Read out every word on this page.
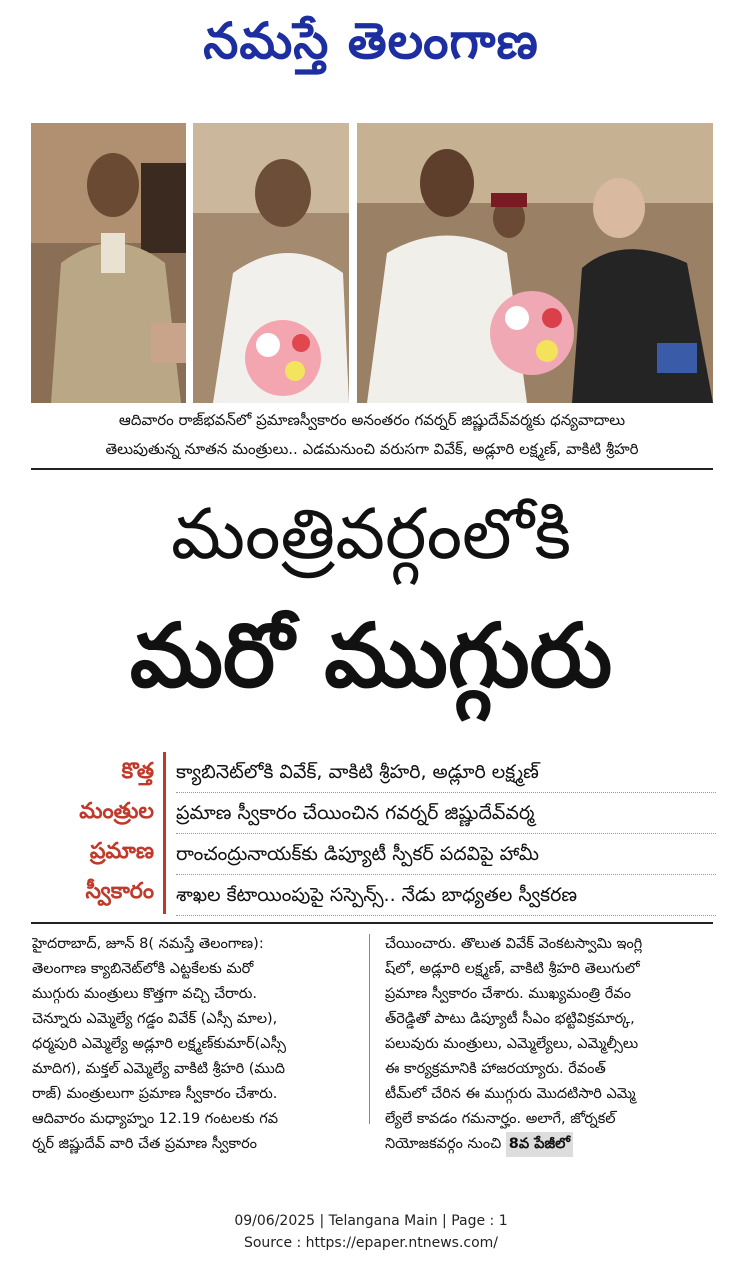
నమస్తే తెలంగాణ
ఆదివారం రాజ్‌భవన్‌లో ప్రమాణస్వీకారం అనంతరం గవర్నర్ జిష్ణుదేవ్‌వర్మకు ధన్యవాదాలు
తెలుపుతున్న నూతన మంత్రులు.. ఎడమనుంచి వరుసగా వివేక్, అడ్లూరి లక్ష్మణ్, వాకిటి శ్రీహరి
మంత్రివర్గంలోకి
మరో ముగ్గురు
కొత్త
మంత్రుల
ప్రమాణ
స్వీకారం
క్యాబినెట్‌లోకి వివేక్, వాకిటి శ్రీహరి, అడ్లూరి లక్ష్మణ్
ప్రమాణ స్వీకారం చేయించిన గవర్నర్ జిష్ణుదేవ్‌వర్మ
రాంచంద్రునాయక్‌కు డిప్యూటీ స్పీకర్ పదవిపై హామీ
శాఖల కేటాయింపుపై సస్పెన్స్.. నేడు బాధ్యతల స్వీకరణ
హైదరాబాద్, జూన్ 8( నమస్తే తెలంగాణ):
తెలంగాణ క్యాబినెట్‌లోకి ఎట్టకేలకు మరో
ముగ్గురు మంత్రులు కొత్తగా వచ్చి చేరారు.
చెన్నూరు ఎమ్మెల్యే గడ్డం వివేక్ (ఎస్సీ మాల),
ధర్మపురి ఎమ్మెల్యే అడ్లూరి లక్ష్మణ్‌కుమార్(ఎస్సీ
మాదిగ), మక్తల్ ఎమ్మెల్యే వాకిటి శ్రీహరి (ముది
రాజ్) మంత్రులుగా ప్రమాణ స్వీకారం చేశారు.
ఆదివారం మధ్యాహ్నం 12.19 గంటలకు గవ
ర్నర్ జిష్ణుదేవ్ వారి చేత ప్రమాణ స్వీకారం
చేయించారు. తొలుత వివేక్ వెంకటస్వామి ఇంగ్లి
ష్‌లో, అడ్లూరి లక్ష్మణ్, వాకిటి శ్రీహరి తెలుగులో
ప్రమాణ స్వీకారం చేశారు. ముఖ్యమంత్రి రేవం
త్‌రెడ్డితో పాటు డిప్యూటీ సీఎం భట్టివిక్రమార్క,
పలువురు మంత్రులు, ఎమ్మెల్యేలు, ఎమ్మెల్సీలు
ఈ కార్యక్రమానికి హాజరయ్యారు. రేవంత్
టీమ్‌లో చేరిన ఈ ముగ్గురు మొదటిసారి ఎమ్మె
ల్యేలే కావడం గమనార్హం. అలాగే, జోర్నకల్
నియోజకవర్గం నుంచి 8వ పేజీలో
09/06/2025 | Telangana Main | Page : 1
Source : https://epaper.ntnews.com/
